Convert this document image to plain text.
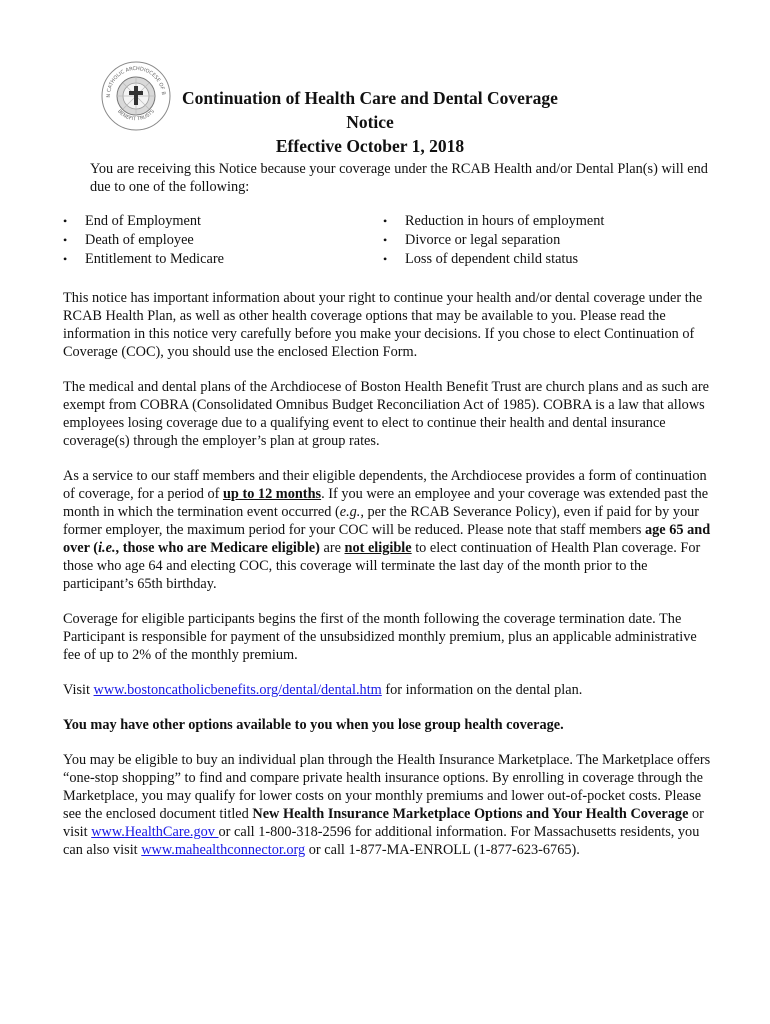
N CATHOLIC ARCHDIOCESE OF B
BENEFIT TRUSTS
Continuation of Health Care and Dental Coverage Notice
Effective October 1, 2018

You are receiving this Notice because your coverage under the RCAB Health and/or Dental Plan(s) will end due to one of the following:

• End of Employment
• Death of employee
• Entitlement to Medicare
• Reduction in hours of employment
• Divorce or legal separation
• Loss of dependent child status

This notice has important information about your right to continue your health and/or dental coverage under the RCAB Health Plan, as well as other health coverage options that may be available to you. Please read the information in this notice very carefully before you make your decisions. If you chose to elect Continuation of Coverage (COC), you should use the enclosed Election Form.

The medical and dental plans of the Archdiocese of Boston Health Benefit Trust are church plans and as such are exempt from COBRA (Consolidated Omnibus Budget Reconciliation Act of 1985). COBRA is a law that allows employees losing coverage due to a qualifying event to elect to continue their health and dental insurance coverage(s) through the employer’s plan at group rates.

As a service to our staff members and their eligible dependents, the Archdiocese provides a form of continuation of coverage, for a period of up to 12 months. If you were an employee and your coverage was extended past the month in which the termination event occurred (e.g., per the RCAB Severance Policy), even if paid for by your former employer, the maximum period for your COC will be reduced. Please note that staff members age 65 and over (i.e., those who are Medicare eligible) are not eligible to elect continuation of Health Plan coverage. For those who age 64 and electing COC, this coverage will terminate the last day of the month prior to the participant’s 65th birthday.

Coverage for eligible participants begins the first of the month following the coverage termination date. The Participant is responsible for payment of the unsubsidized monthly premium, plus an applicable administrative fee of up to 2% of the monthly premium.

Visit www.bostoncatholicbenefits.org/dental/dental.htm for information on the dental plan.

You may have other options available to you when you lose group health coverage.

You may be eligible to buy an individual plan through the Health Insurance Marketplace. The Marketplace offers “one-stop shopping” to find and compare private health insurance options. By enrolling in coverage through the Marketplace, you may qualify for lower costs on your monthly premiums and lower out-of-pocket costs. Please see the enclosed document titled New Health Insurance Marketplace Options and Your Health Coverage or visit www.HealthCare.gov or call 1-800-318-2596 for additional information. For Massachusetts residents, you can also visit www.mahealthconnector.org or call 1-877-MA-ENROLL (1-877-623-6765).
